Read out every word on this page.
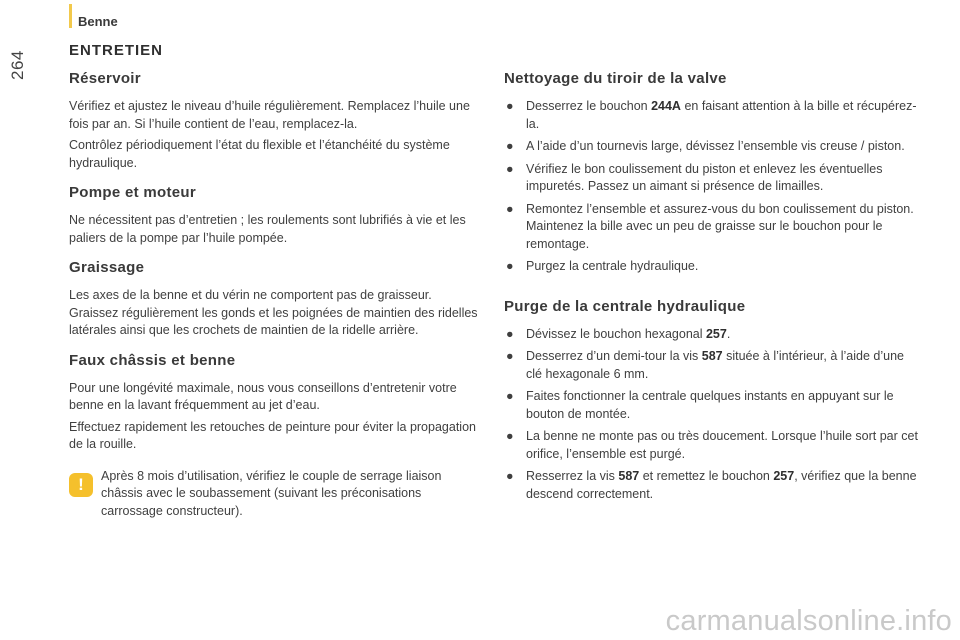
Benne
264	ENTRETIEN
Réservoir

Vérifiez et ajustez le niveau d’huile régulièrement. Remplacez l’huile une fois par an. Si l’huile contient de l’eau, remplacez-la.

Contrôlez périodiquement l’état du flexible et l’étanchéité du système hydraulique.

Pompe et moteur

Ne nécessitent pas d’entretien ; les roulements sont lubrifiés à vie et les paliers de la pompe par l’huile pompée.

Graissage

Les axes de la benne et du vérin ne comportent pas de graisseur. Graissez régulièrement les gonds et les poignées de maintien des ridelles latérales ainsi que les crochets de maintien de la ridelle arrière.

Faux châssis et benne

Pour une longévité maximale, nous vous conseillons d’entretenir votre benne en la lavant fréquemment au jet d’eau.

Effectuez rapidement les retouches de peinture pour éviter la propagation de la rouille.

!	Après 8 mois d’utilisation, vérifiez le couple de serrage liaison châssis avec le soubassement (suivant les préconisations carrossage constructeur).

Nettoyage du tiroir de la valve
● Desserrez le bouchon 244A en faisant attention à la bille et récupérez-la.
● A l’aide d’un tournevis large, dévissez l’ensemble vis creuse / piston.
● Vérifiez le bon coulissement du piston et enlevez les éventuelles impuretés. Passez un aimant si présence de limailles.
● Remontez l’ensemble et assurez-vous du bon coulissement du piston. Maintenez la bille avec un peu de graisse sur le bouchon pour le remontage.
● Purgez la centrale hydraulique.
Purge de la centrale hydraulique
● Dévissez le bouchon hexagonal 257.
● Desserrez d’un demi-tour la vis 587 située à l’intérieur, à l’aide d’une clé hexagonale 6 mm.
● Faites fonctionner la centrale quelques instants en appuyant sur le bouton de montée.
● La benne ne monte pas ou très doucement. Lorsque l’huile sort par cet orifice, l’ensemble est purgé.
● Resserrez la vis 587 et remettez le bouchon 257, vérifiez que la benne descend correctement.
carmanualsonline.info
